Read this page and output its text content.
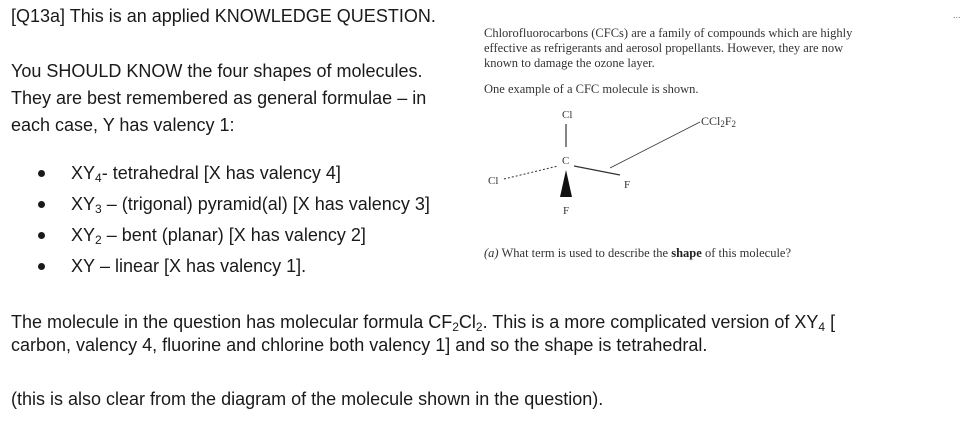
[Q13a] This is an applied KNOWLEDGE QUESTION.
You SHOULD KNOW the four shapes of molecules.
They are best remembered as general formulae – in
each case, Y has valency 1:
$XY_4-$ tetrahedral [X has valency 4]
$XY_3$ – (trigonal) pyramid(al) [X has valency 3]
$XY_2$ – bent (planar) [X has valency 2]
XY – linear [X has valency 1].
Chlorofluorocarbons (CFCs) are a family of compounds which are highly
effective as refrigerants and aerosol propellants. However, they are now
known to damage the ozone layer.
One example of a CFC molecule is shown.
$CCl_2F_2$
Cl
C
Cl	F
F
(a) What term is used to describe the shape of this molecule?
The molecule in the question has molecular formula $CF_2Cl_2$. This is a more complicated version of $XY_4$ [
carbon, valency 4, fluorine and chlorine both valency 1] and so the shape is tetrahedral.
(this is also clear from the diagram of the molecule shown in the question).
...
